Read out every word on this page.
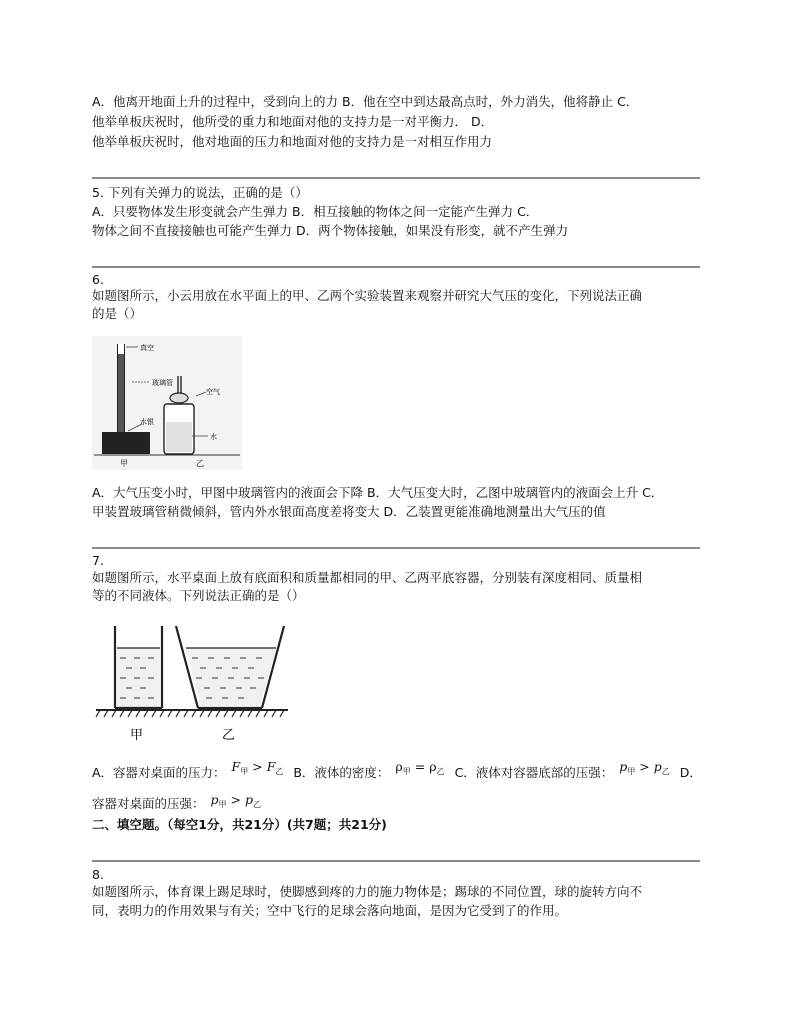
A．他离开地面上升的过程中，受到向上的力 B．他在空中到达最高点时，外力消失，他将静止 C．
他举单板庆祝时，他所受的重力和地面对他的支持力是一对平衡力． D．
他举单板庆祝时，他对地面的压力和地面对他的支持力是一对相互作用力
5. 下列有关弹力的说法，正确的是（）
A．只要物体发生形变就会产生弹力 B．相互接触的物体之间一定能产生弹力 C．
物体之间不直接接触也可能产生弹力 D．两个物体接触，如果没有形变，就不产生弹力
6.
如题图所示，小云用放在水平面上的甲、乙两个实验装置来观察并研究大气压的变化，下列说法正确
的是（）
真空
水银
甲
玻璃管
空气
水
乙
A．大气压变小时，甲图中玻璃管内的液面会下降 B．大气压变大时，乙图中玻璃管内的液面会上升 C．
甲装置玻璃管稍微倾斜，管内外水银面高度差将变大 D．乙装置更能准确地测量出大气压的值
7.
如题图所示，水平桌面上放有底面积和质量都相同的甲、乙两平底容器，分别装有深度相同、质量相
等的不同液体。下列说法正确的是（）
甲	乙
A．容器对桌面的压力： $F_甲 > F_乙$ B．液体的密度： $\rho_甲 = \rho_乙$ C．液体对容器底部的压强： $p_甲 > p_乙$ D．
容器对桌面的压强： $p_甲 > p_乙$
二、填空题。（每空1分，共21分）(共7题；共21分)
8.
如题图所示，体育课上踢足球时，使脚感到疼的力的施力物体是；踢球的不同位置，球的旋转方向不
同，表明力的作用效果与有关；空中飞行的足球会落向地面，是因为它受到了的作用。
